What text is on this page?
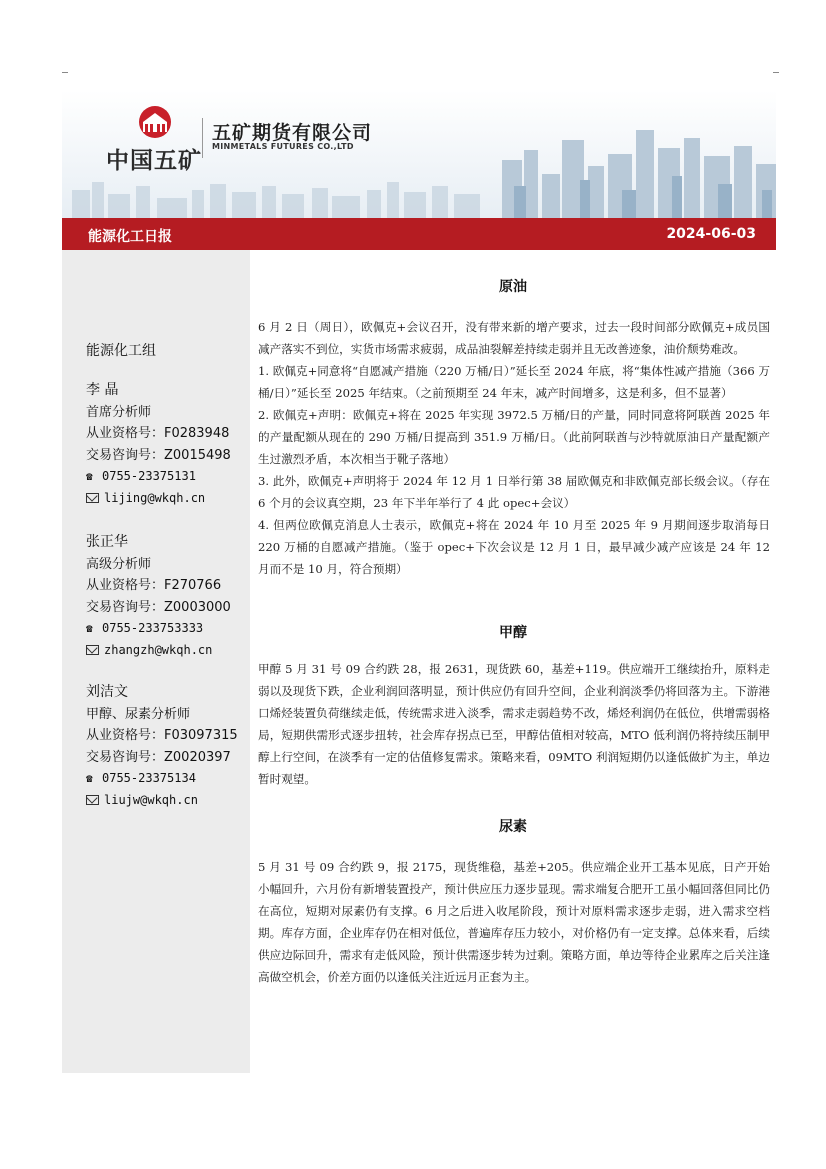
中国五矿
五矿期货有限公司
MINMETALS FUTURES CO.,LTD
能源化工日报	2024-06-03
能源化工组
李 晶
首席分析师
从业资格号：F0283948
交易咨询号：Z0015498
☎ 0755-23375131
lijing@wkqh.cn
张正华
高级分析师
从业资格号：F270766
交易咨询号：Z0003000
☎ 0755-233753333
zhangzh@wkqh.cn
刘洁文
甲醇、尿素分析师
从业资格号：F03097315
交易咨询号：Z0020397
☎ 0755-23375134
liujw@wkqh.cn
原油

6 月 2 日（周日），欧佩克+会议召开，没有带来新的增产要求，过去一段时间部分欧佩克+成员国减产落实不到位，实货市场需求疲弱，成品油裂解差持续走弱并且无改善迹象，油价颓势难改。

1. 欧佩克+同意将“自愿减产措施（220 万桶/日）”延长至 2024 年底，将“集体性减产措施（366 万桶/日）”延长至 2025 年结束。（之前预期至 24 年末，减产时间增多，这是利多，但不显著）

2. 欧佩克+声明：欧佩克+将在 2025 年实现 3972.5 万桶/日的产量，同时同意将阿联酋 2025 年的产量配额从现在的 290 万桶/日提高到 351.9 万桶/日。（此前阿联酋与沙特就原油日产量配额产生过激烈矛盾，本次相当于靴子落地）

3. 此外，欧佩克+声明将于 2024 年 12 月 1 日举行第 38 届欧佩克和非欧佩克部长级会议。（存在 6 个月的会议真空期，23 年下半年举行了 4 此 opec+会议）

4. 但两位欧佩克消息人士表示，欧佩克+将在 2024 年 10 月至 2025 年 9 月期间逐步取消每日 220 万桶的自愿减产措施。（鉴于 opec+下次会议是 12 月 1 日，最早减少减产应该是 24 年 12 月而不是 10 月，符合预期）

甲醇

甲醇 5 月 31 号 09 合约跌 28，报 2631，现货跌 60，基差+119。供应端开工继续抬升，原料走弱以及现货下跌，企业利润回落明显，预计供应仍有回升空间，企业利润淡季仍将回落为主。下游港口烯烃装置负荷继续走低，传统需求进入淡季，需求走弱趋势不改，烯烃利润仍在低位，供增需弱格局，短期供需形式逐步扭转，社会库存拐点已至，甲醇估值相对较高，MTO 低利润仍将持续压制甲醇上行空间，在淡季有一定的估值修复需求。策略来看，09MTO 利润短期仍以逢低做扩为主，单边暂时观望。

尿素

5 月 31 号 09 合约跌 9，报 2175，现货维稳，基差+205。供应端企业开工基本见底，日产开始小幅回升，六月份有新增装置投产，预计供应压力逐步显现。需求端复合肥开工虽小幅回落但同比仍在高位，短期对尿素仍有支撑。6 月之后进入收尾阶段，预计对原料需求逐步走弱，进入需求空档期。库存方面，企业库存仍在相对低位，普遍库存压力较小，对价格仍有一定支撑。总体来看，后续供应边际回升，需求有走低风险，预计供需逐步转为过剩。策略方面，单边等待企业累库之后关注逢高做空机会，价差方面仍以逢低关注近远月正套为主。
